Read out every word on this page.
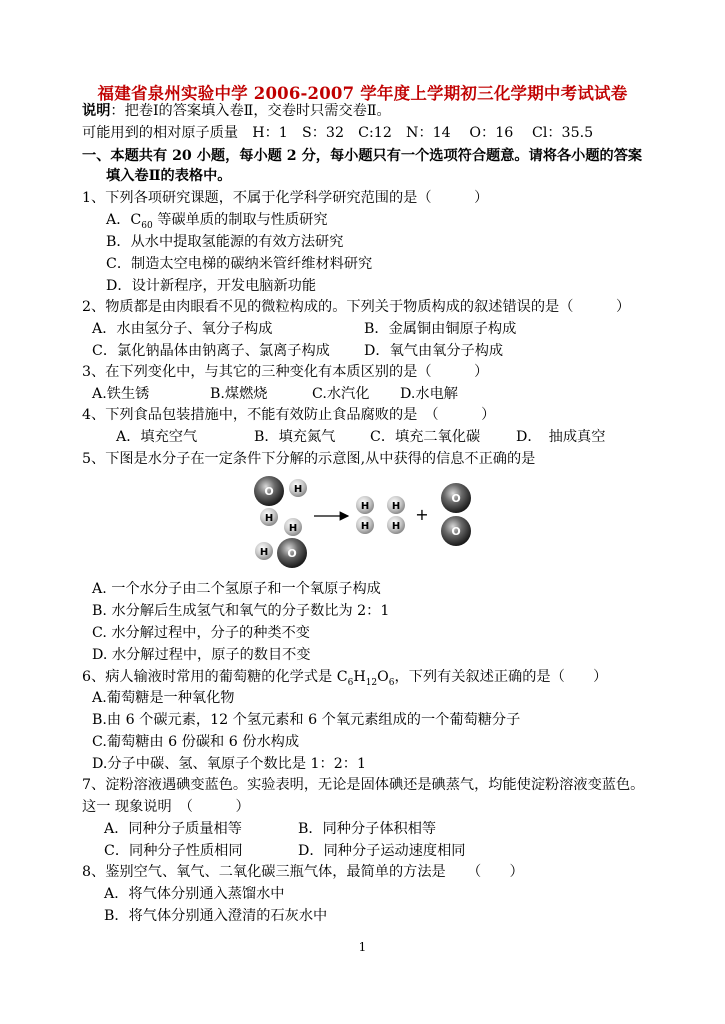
福建省泉州实验中学 2006-2007 学年度上学期初三化学期中考试试卷
说明：把卷Ⅰ的答案填入卷Ⅱ，交卷时只需交卷Ⅱ。
可能用到的相对原子质量　H：1　S：32　C:12　N：14　 O：16　 Cl：35.5
一、本题共有 20 小题，每小题 2 分，每小题只有一个选项符合题意。请将各小题的答案
填入卷Ⅱ的表格中。
1、下列各项研究课题，不属于化学科学研究范围的是（　　　）
A．$C_{60}$ 等碳单质的制取与性质研究
B．从水中提取氢能源的有效方法研究
C．制造太空电梯的碳纳米管纤维材料研究
D．设计新程序，开发电脑新功能
2、物质都是由肉眼看不见的微粒构成的。下列关于物质构成的叙述错误的是（　　　）
A．水由氢分子、氧分子构成	B．金属铜由铜原子构成
C．氯化钠晶体由钠离子、氯离子构成 D．氧气由氧分子构成
3、在下列变化中，与其它的三种变化有本质区别的是（　　　）
A.铁生锈	B.煤燃烧	C.水汽化 D.水电解
4、下列食品包装措施中，不能有效防止食品腐败的是　（　　　）
A．填充空气	B．填充氮气 C．填充二氧化碳	D．　抽成真空
5、下图是水分子在一定条件下分解的示意图,从中获得的信息不正确的是
O H
H
H
O
H
H
H
H
H
+
O
O
A. 一个水分子由二个氢原子和一个氧原子构成
B. 水分解后生成氢气和氧气的分子数比为 2：1
C. 水分解过程中，分子的种类不变
D. 水分解过程中，原子的数目不变
6、病人输液时常用的葡萄糖的化学式是 $C_6H_{12}O_6$，下列有关叙述正确的是（　　）
A.葡萄糖是一种氧化物
B.由 6 个碳元素，12 个氢元素和 6 个氧元素组成的一个葡萄糖分子
C.葡萄糖由 6 份碳和 6 份水构成
D.分子中碳、氢、氧原子个数比是 1：2：1
7、淀粉溶液遇碘变蓝色。实验表明，无论是固体碘还是碘蒸气，均能使淀粉溶液变蓝色。
这一 现象说明　（　　　）
A．同种分子质量相等	B．同种分子体积相等
C．同种分子性质相同	D．同种分子运动速度相同
8、鉴别空气、氧气、二氧化碳三瓶气体，最简单的方法是　　（　　）
A．将气体分别通入蒸馏水中
B．将气体分别通入澄清的石灰水中
1
